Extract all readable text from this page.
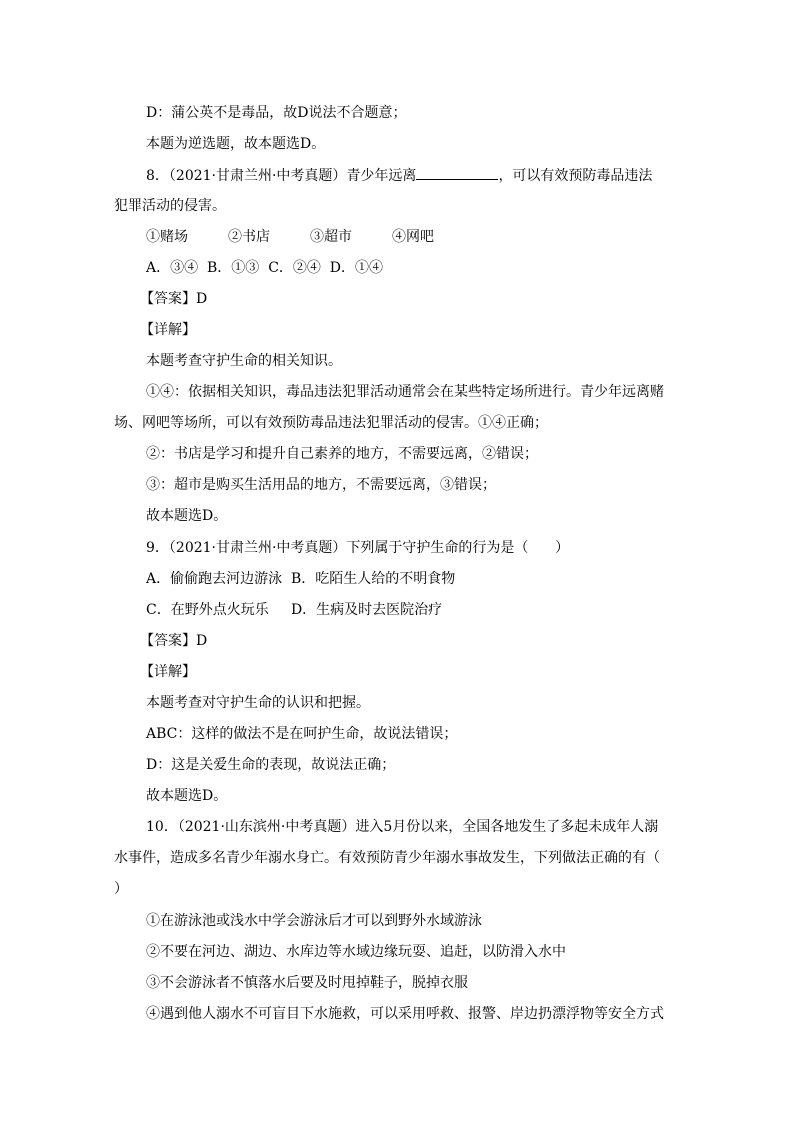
D：蒲公英不是毒品，故D说法不合题意；
本题为逆选题，故本题选D。
8．（2021·甘肃兰州·中考真题）青少年远离	，可以有效预防毒品违法
犯罪活动的侵害。
①赌场	②书店	③超市	④网吧
A．③④  B．①③  C．②④  D．①④
【答案】D
【详解】
本题考查守护生命的相关知识。
①④：依据相关知识，毒品违法犯罪活动通常会在某些特定场所进行。青少年远离赌
场、网吧等场所，可以有效预防毒品违法犯罪活动的侵害。①④正确；
②：书店是学习和提升自己素养的地方，不需要远离，②错误；
③：超市是购买生活用品的地方，不需要远离，③错误；
故本题选D。
9．（2021·甘肃兰州·中考真题）下列属于守护生命的行为是（      ）
A．偷偷跑去河边游泳  B．吃陌生人给的不明食物
C．在野外点火玩乐     D．生病及时去医院治疗
【答案】D
【详解】
本题考查对守护生命的认识和把握。
ABC：这样的做法不是在呵护生命，故说法错误；
D：这是关爱生命的表现，故说法正确；
故本题选D。
10．（2021·山东滨州·中考真题）进入5月份以来，全国各地发生了多起未成年人溺
水事件，造成多名青少年溺水身亡。有效预防青少年溺水事故发生，下列做法正确的有（
）
①在游泳池或浅水中学会游泳后才可以到野外水域游泳
②不要在河边、湖边、水库边等水域边缘玩耍、追赶，以防滑入水中
③不会游泳者不慎落水后要及时甩掉鞋子，脱掉衣服
④遇到他人溺水不可盲目下水施救，可以采用呼救、报警、岸边扔漂浮物等安全方式
